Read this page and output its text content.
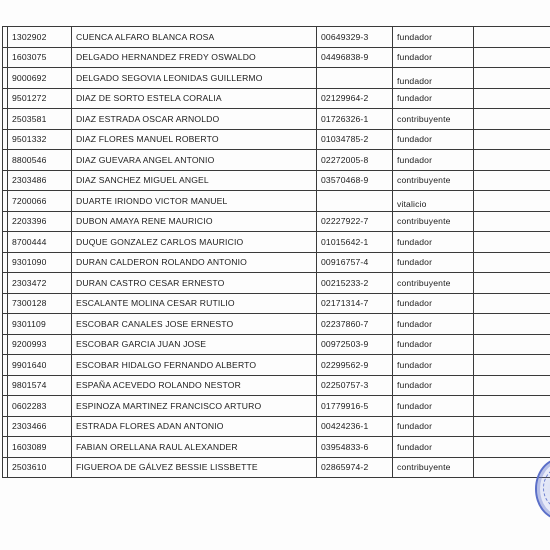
	1302902	CUENCA ALFARO BLANCA ROSA	00649329-3	fundador	
	1603075	DELGADO HERNANDEZ FREDY OSWALDO	04496838-9	fundador	
	9000692	DELGADO SEGOVIA LEONIDAS GUILLERMO		fundador	
	9501272	DIAZ DE SORTO ESTELA CORALIA	02129964-2	fundador	
	2503581	DIAZ ESTRADA OSCAR ARNOLDO	01726326-1	contribuyente	
	9501332	DIAZ FLORES MANUEL ROBERTO	01034785-2	fundador	
	8800546	DIAZ GUEVARA ANGEL ANTONIO	02272005-8	fundador	
	2303486	DIAZ SANCHEZ MIGUEL ANGEL	03570468-9	contribuyente	
	7200066	DUARTE IRIONDO VICTOR MANUEL		vitalicio	
	2203396	DUBON AMAYA RENE MAURICIO	02227922-7	contribuyente	
	8700444	DUQUE GONZALEZ CARLOS MAURICIO	01015642-1	fundador	
	9301090	DURAN CALDERON ROLANDO ANTONIO	00916757-4	fundador	
	2303472	DURAN CASTRO CESAR ERNESTO	00215233-2	contribuyente	
	7300128	ESCALANTE MOLINA CESAR RUTILIO	02171314-7	fundador	
	9301109	ESCOBAR CANALES JOSE ERNESTO	02237860-7	fundador	
	9200993	ESCOBAR GARCIA JUAN JOSE	00972503-9	fundador	
	9901640	ESCOBAR HIDALGO FERNANDO ALBERTO	02299562-9	fundador	
	9801574	ESPAÑA ACEVEDO ROLANDO NESTOR	02250757-3	fundador	
	0602283	ESPINOZA MARTINEZ FRANCISCO ARTURO	01779916-5	fundador	
	2303466	ESTRADA FLORES ADAN ANTONIO	00424236-1	fundador	
	1603089	FABIAN ORELLANA RAUL ALEXANDER	03954833-6	fundador	
	2503610	FIGUEROA DE GÁLVEZ BESSIE LISSBETTE	02865974-2	contribuyente	
